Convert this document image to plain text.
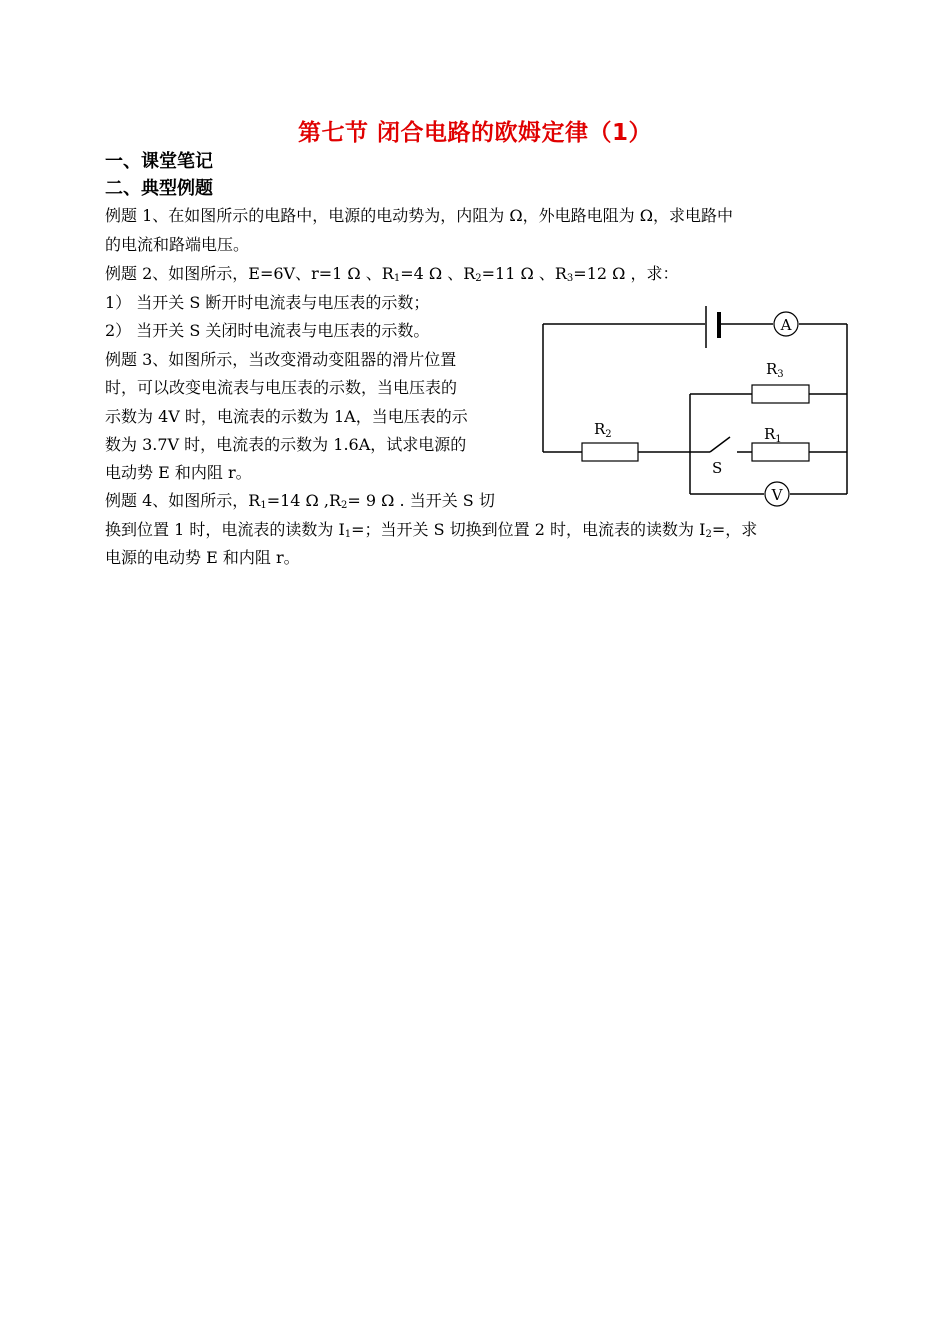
第七节 闭合电路的欧姆定律（1）
一、课堂笔记
二、典型例题
例题 1、在如图所示的电路中，电源的电动势为，内阻为 Ω，外电路电阻为 Ω，求电路中
的电流和路端电压。
例题 2、如图所示，E=6V、r=1 Ω 、$R_1=4$ Ω 、$R_2=11$ Ω 、$R_3=12$ Ω ，求：
1） 当开关 S 断开时电流表与电压表的示数；
2） 当开关 S 关闭时电流表与电压表的示数。
例题 3、如图所示，当改变滑动变阻器的滑片位置
时，可以改变电流表与电压表的示数，当电压表的
示数为 4V 时，电流表的示数为 1A，当电压表的示
数为 3.7V 时，电流表的示数为 1.6A，试求电源的
电动势 E 和内阻 r。
例题 4、如图所示，$R_1=14$ Ω $,R_2= 9$ Ω . 当开关 S 切
换到位置 1 时，电流表的读数为 $I_1=$；当开关 S 切换到位置 2 时，电流表的读数为 $I_2=$，求
电源的电动势 E 和内阻 r。
A
V
$R_3$
$R_1$
$R_2$
S
